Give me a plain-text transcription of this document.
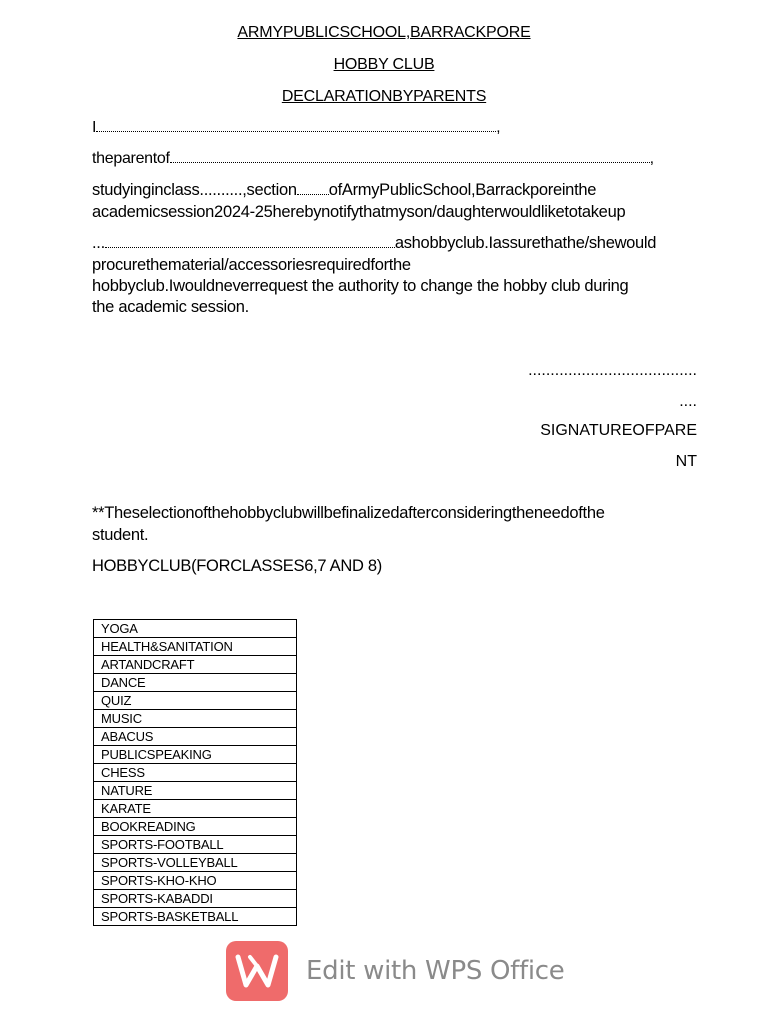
ARMYPUBLICSCHOOL,BARRACKPORE
HOBBY CLUB
DECLARATIONBYPARENTS
I	,
theparentof	,
studyinginclass..........,section ofArmyPublicSchool,Barrackporeinthe
academicsession2024-25herebynotifythatmyson/daughterwouldliketotakeup
...	ashobbyclub.Iassurethathe/shewould
procurethematerial/accessoriesrequiredforthe
hobbyclub.Iwouldneverrequest the authority to change the hobby club during
the academic session.
......................................
....
SIGNATUREOFPARE
NT
**Theselectionofthehobbyclubwillbefinalizedafterconsideringtheneedofthe
student.
HOBBYCLUB(FORCLASSES6,7 AND 8)
YOGA
HEALTH&SANITATION
ARTANDCRAFT
DANCE
QUIZ
MUSIC
ABACUS
PUBLICSPEAKING
CHESS
NATURE
KARATE
BOOKREADING
SPORTS-FOOTBALL
SPORTS-VOLLEYBALL
SPORTS-KHO-KHO
SPORTS-KABADDI
SPORTS-BASKETBALL
Edit with WPS Office
